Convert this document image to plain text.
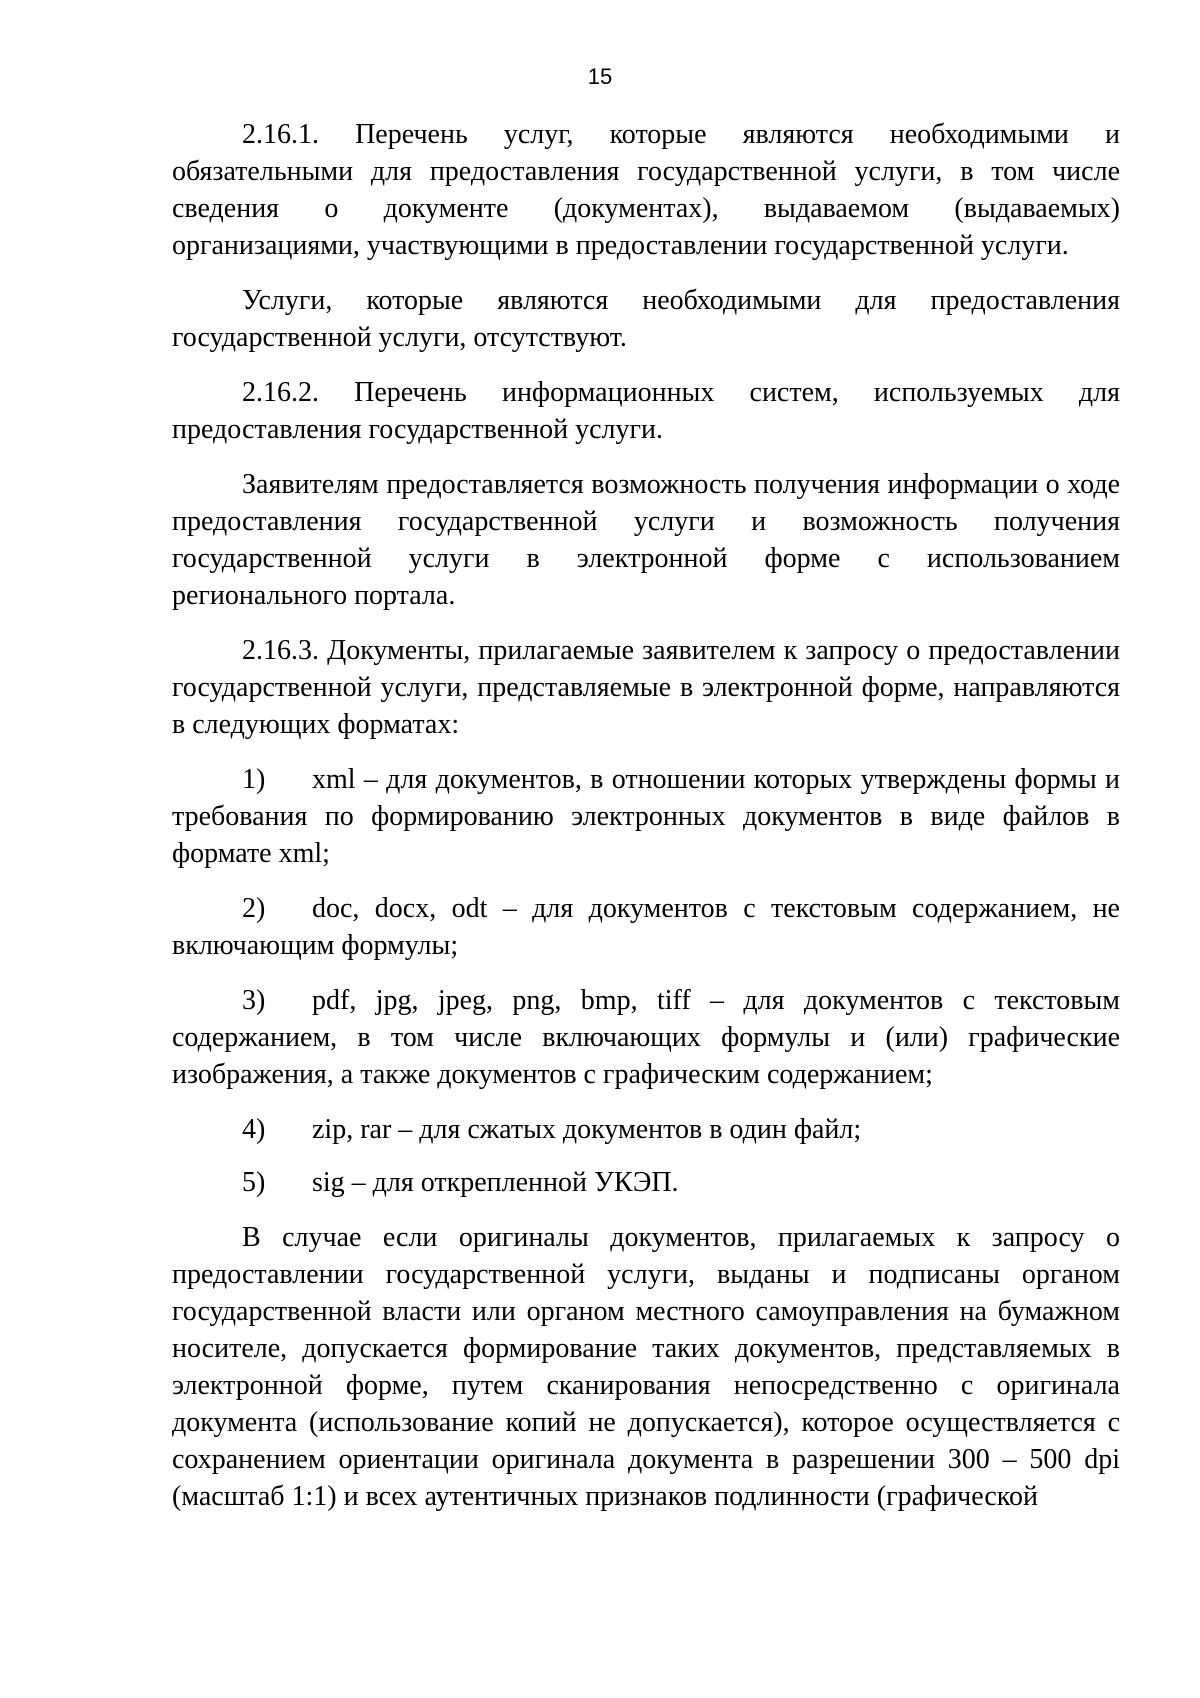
15

2.16.1. Перечень услуг, которые являются необходимыми и обязательными для предоставления государственной услуги, в том числе сведения о документе (документах), выдаваемом (выдаваемых) организациями, участвующими в предоставлении государственной услуги.

Услуги, которые являются необходимыми для предоставления государственной услуги, отсутствуют.

2.16.2. Перечень информационных систем, используемых для предоставления государственной услуги.

Заявителям предоставляется возможность получения информации о ходе предоставления государственной услуги и возможность получения государственной услуги в электронной форме с использованием регионального портала.

2.16.3. Документы, прилагаемые заявителем к запросу о предоставлении государственной услуги, представляемые в электронной форме, направляются в следующих форматах:

1) xml – для документов, в отношении которых утверждены формы и требования по формированию электронных документов в виде файлов в формате xml;

2) doc, docx, odt – для документов с текстовым содержанием, не включающим формулы;

3) pdf, jpg, jpeg, png, bmp, tiff – для документов с текстовым содержанием, в том числе включающих формулы и (или) графические изображения, а также документов с графическим содержанием;

4) zip, rar – для сжатых документов в один файл;

5) sig – для открепленной УКЭП.

В случае если оригиналы документов, прилагаемых к запросу о предоставлении государственной услуги, выданы и подписаны органом государственной власти или органом местного самоуправления на бумажном носителе, допускается формирование таких документов, представляемых в электронной форме, путем сканирования непосредственно с оригинала документа (использование копий не допускается), которое осуществляется с сохранением ориентации оригинала документа в разрешении 300 – 500 dpi (масштаб 1:1) и всех аутентичных признаков подлинности (графической
